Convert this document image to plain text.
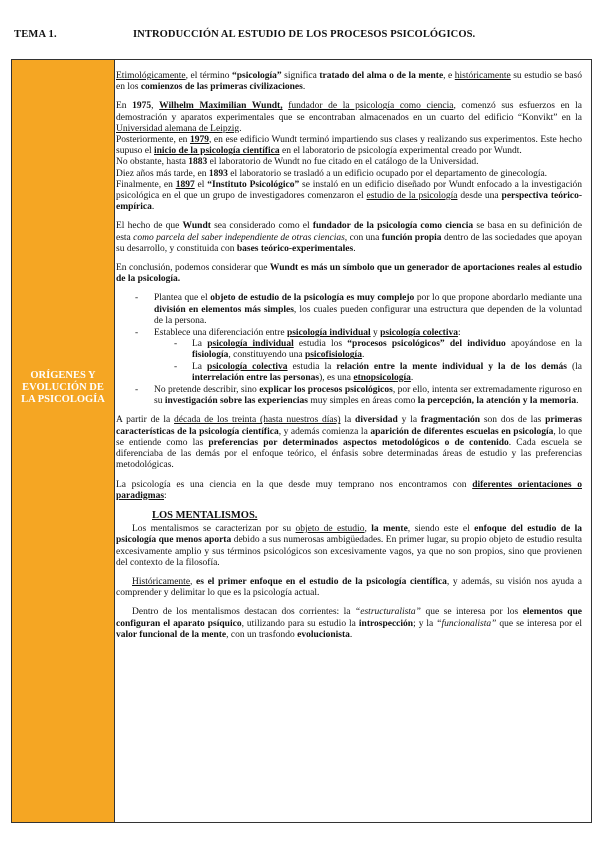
TEMA 1.	INTRODUCCIÓN AL ESTUDIO DE LOS PROCESOS PSICOLÓGICOS.
ORÍGENES Y EVOLUCIÓN DE LA PSICOLOGÍA

Etimológicamente, el término “psicología” significa tratado del alma o de la mente, e históricamente su estudio se basó en los comienzos de las primeras civilizaciones.

En 1975, Wilhelm Maximilian Wundt, fundador de la psicología como ciencia, comenzó sus esfuerzos en la demostración y aparatos experimentales que se encontraban almacenados en un cuarto del edificio “Konvikt” en la Universidad alemana de Leipzig.
Posteriormente, en 1979, en ese edificio Wundt terminó impartiendo sus clases y realizando sus experimentos. Este hecho supuso el inicio de la psicología científica en el laboratorio de psicología experimental creado por Wundt.
No obstante, hasta 1883 el laboratorio de Wundt no fue citado en el catálogo de la Universidad.
Diez años más tarde, en 1893 el laboratorio se trasladó a un edificio ocupado por el departamento de ginecología.
Finalmente, en 1897 el “Instituto Psicológico” se instaló en un edificio diseñado por Wundt enfocado a la investigación psicológica en el que un grupo de investigadores comenzaron el estudio de la psicología desde una perspectiva teórico-empírica.

El hecho de que Wundt sea considerado como el fundador de la psicología como ciencia se basa en su definición de esta como parcela del saber independiente de otras ciencias, con una función propia dentro de las sociedades que apoyan su desarrollo, y constituida con bases teórico-experimentales.

En conclusión, podemos considerar que Wundt es más un símbolo que un generador de aportaciones reales al estudio de la psicología.

- Plantea que el objeto de estudio de la psicología es muy complejo por lo que propone abordarlo mediante una división en elementos más simples, los cuales pueden configurar una estructura que dependen de la voluntad de la persona.
- Establece una diferenciación entre psicología individual y psicología colectiva:
- La psicología individual estudia los “procesos psicológicos” del individuo apoyándose en la fisiología, constituyendo una psicofisiología.
- La psicología colectiva estudia la relación entre la mente individual y la de los demás (la interrelación entre las personas), es una etnopsicología.
- No pretende describir, sino explicar los procesos psicológicos, por ello, intenta ser extremadamente riguroso en su investigación sobre las experiencias muy simples en áreas como la percepción, la atención y la memoria.

A partir de la década de los treinta (hasta nuestros días) la diversidad y la fragmentación son dos de las primeras características de la psicología científica, y además comienza la aparición de diferentes escuelas en psicología, lo que se entiende como las preferencias por determinados aspectos metodológicos o de contenido. Cada escuela se diferenciaba de las demás por el enfoque teórico, el énfasis sobre determinadas áreas de estudio y las preferencias metodológicas.

La psicología es una ciencia en la que desde muy temprano nos encontramos con diferentes orientaciones o paradigmas:

LOS MENTALISMOS.

Los mentalismos se caracterizan por su objeto de estudio, la mente, siendo este el enfoque del estudio de la psicología que menos aporta debido a sus numerosas ambigüedades. En primer lugar, su propio objeto de estudio resulta excesivamente amplio y sus términos psicológicos son excesivamente vagos, ya que no son propios, sino que provienen del contexto de la filosofía.

Históricamente, es el primer enfoque en el estudio de la psicología científica, y además, su visión nos ayuda a comprender y delimitar lo que es la psicología actual.

Dentro de los mentalismos destacan dos corrientes: la “estructuralista” que se interesa por los elementos que configuran el aparato psíquico, utilizando para su estudio la introspección; y la “funcionalista” que se interesa por el valor funcional de la mente, con un trasfondo evolucionista.
